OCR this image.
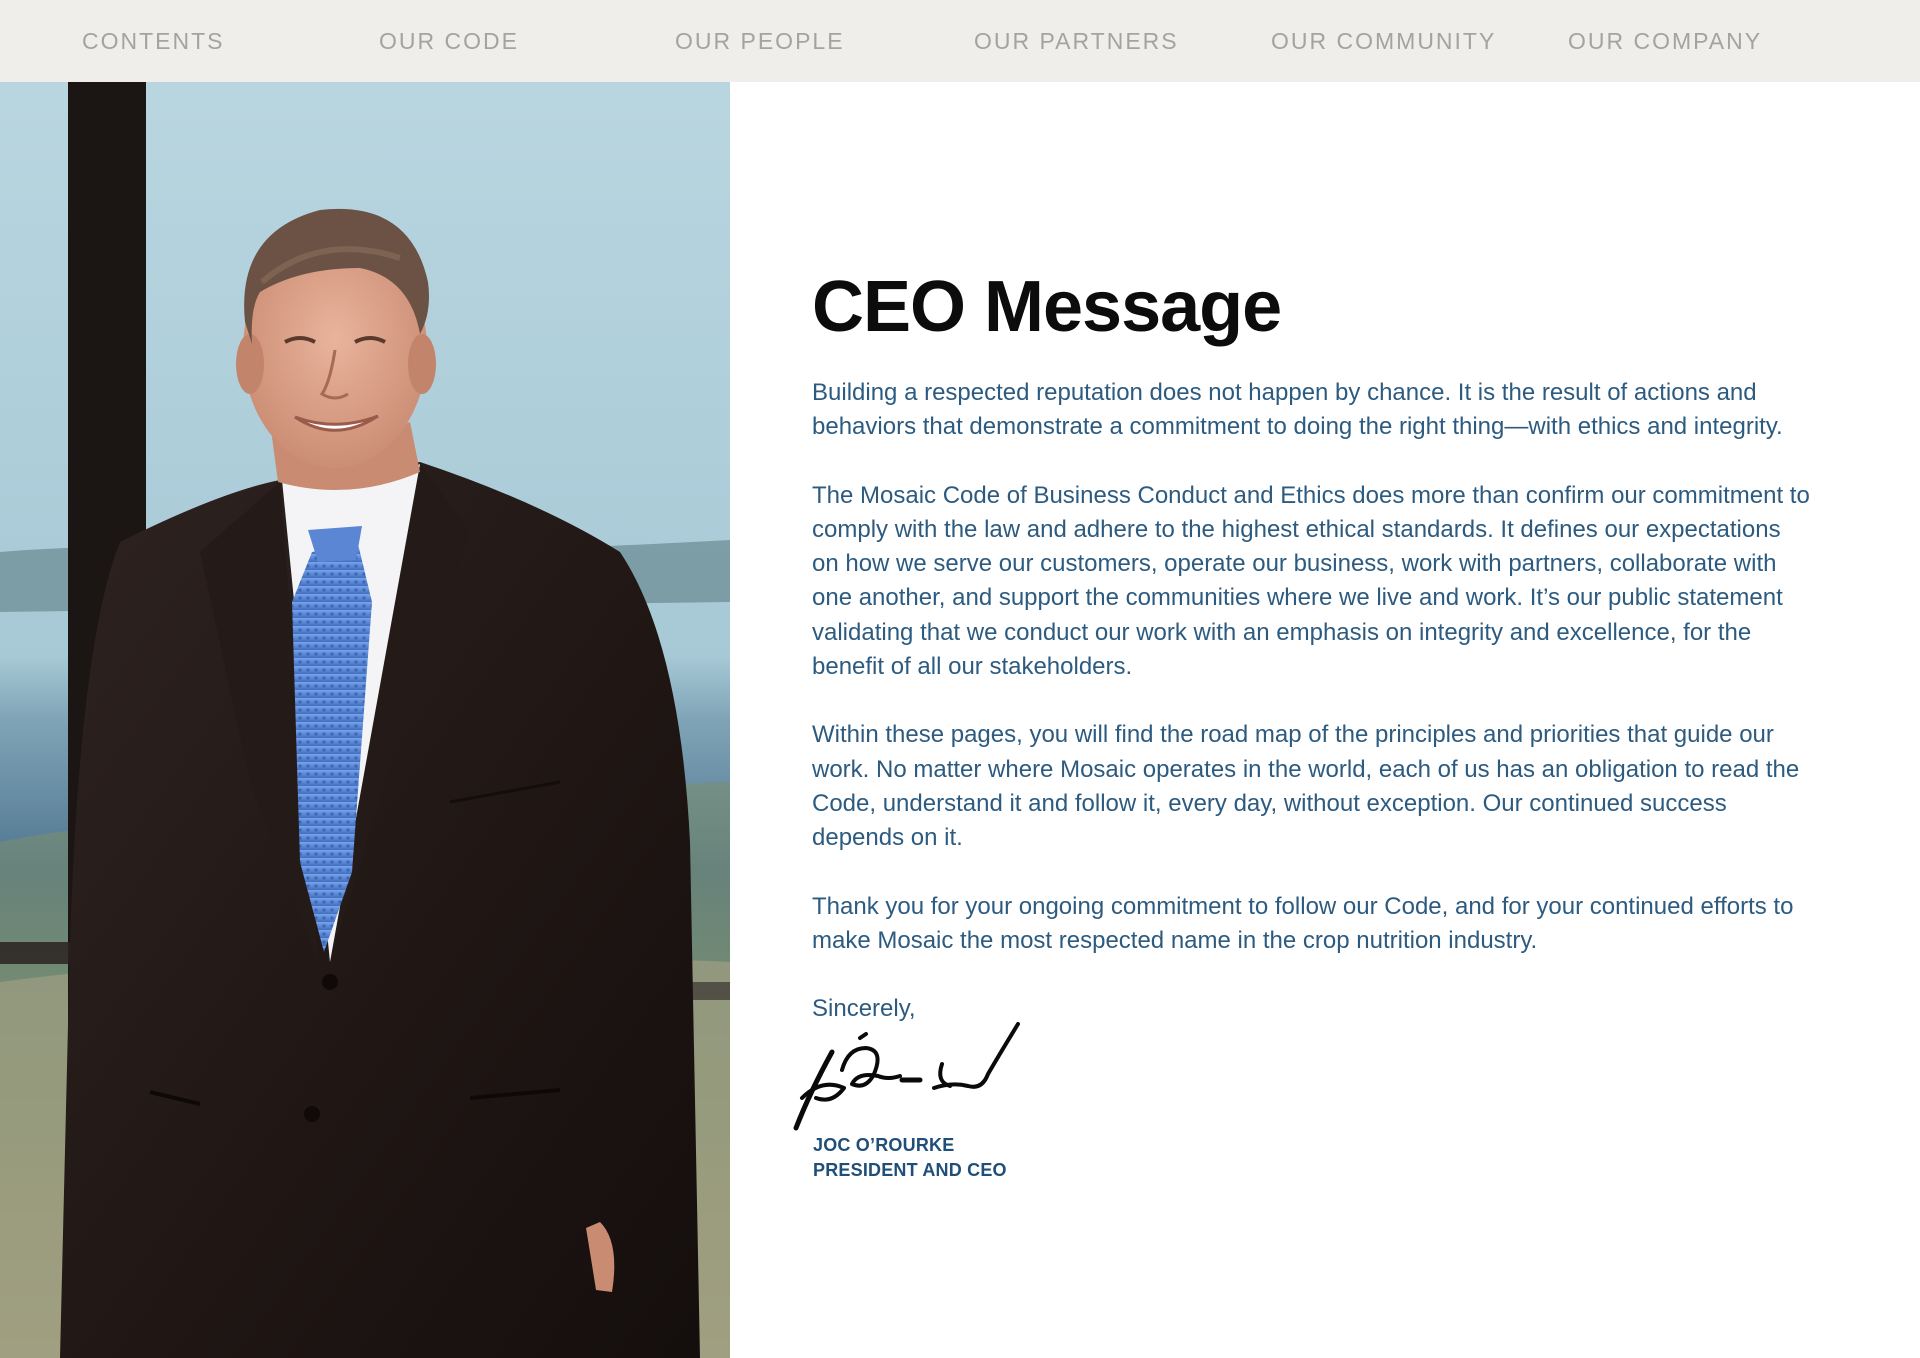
CONTENTS	OUR CODE	OUR PEOPLE	OUR PARTNERS	OUR COMMUNITY	OUR COMPANY
CEO Message

Building a respected reputation does not happen by chance. It is the result of actions and behaviors that demonstrate a commitment to doing the right thing—with ethics and integrity.

The Mosaic Code of Business Conduct and Ethics does more than confirm our commitment to comply with the law and adhere to the highest ethical standards. It defines our expectations on how we serve our customers, operate our business, work with partners, collaborate with one another, and support the communities where we live and work. It’s our public statement validating that we conduct our work with an emphasis on integrity and excellence, for the benefit of all our stakeholders.

Within these pages, you will find the road map of the principles and priorities that guide our work. No matter where Mosaic operates in the world, each of us has an obligation to read the Code, understand it and follow it, every day, without exception. Our continued success depends on it.

Thank you for your ongoing commitment to follow our Code, and for your continued efforts to make Mosaic the most respected name in the crop nutrition industry.

Sincerely,
JOC O’ROURKE
PRESIDENT AND CEO
